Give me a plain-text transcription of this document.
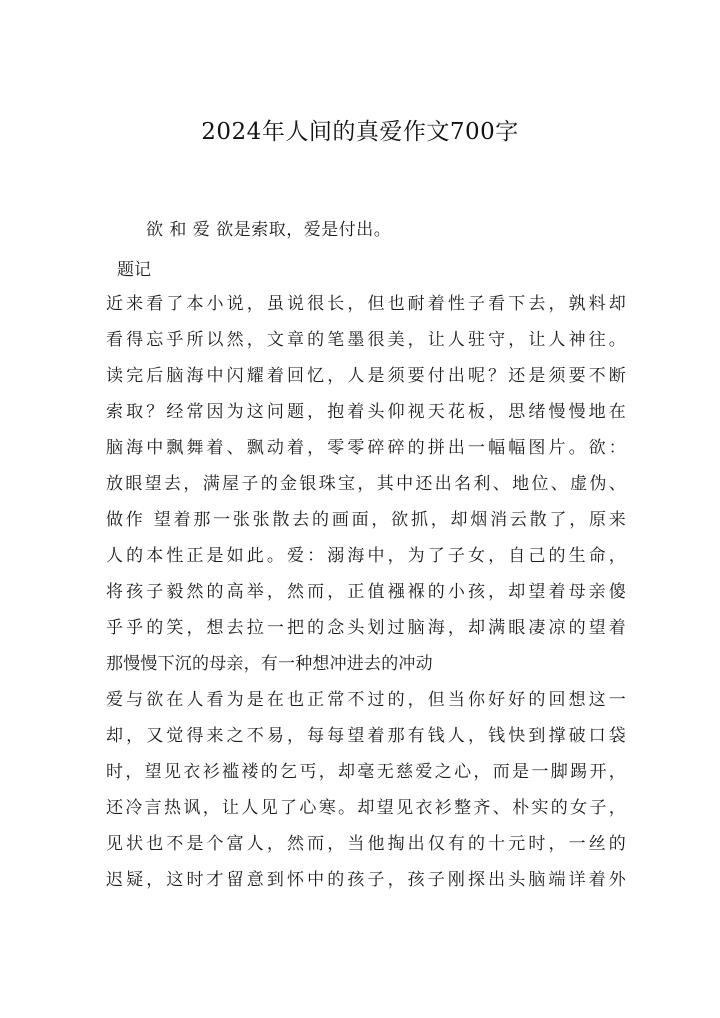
2024年人间的真爱作文700字
欲 和 爱 欲是索取，爱是付出。
题记
近来看了本小说，虽说很长，但也耐着性子看下去，孰料却
看得忘乎所以然，文章的笔墨很美，让人驻守，让人神往。
读完后脑海中闪耀着回忆，人是须要付出呢？还是须要不断
索取？经常因为这问题，抱着头仰视天花板，思绪慢慢地在
脑海中飘舞着、飘动着，零零碎碎的拼出一幅幅图片。欲：
放眼望去，满屋子的金银珠宝，其中还出名利、地位、虚伪、
做作 望着那一张张散去的画面，欲抓，却烟消云散了，原来
人的本性正是如此。爱：溺海中，为了子女，自己的生命，
将孩子毅然的高举，然而，正值襁褓的小孩，却望着母亲傻
乎乎的笑，想去拉一把的念头划过脑海，却满眼凄凉的望着
那慢慢下沉的母亲，有一种想冲进去的冲动
爱与欲在人看为是在也正常不过的，但当你好好的回想这一
却，又觉得来之不易，每每望着那有钱人，钱快到撑破口袋
时，望见衣衫褴褛的乞丐，却毫无慈爱之心，而是一脚踢开，
还冷言热讽，让人见了心寒。却望见衣衫整齐、朴实的女子，
见状也不是个富人，然而，当他掏出仅有的十元时，一丝的
迟疑，这时才留意到怀中的孩子，孩子刚探出头脑端详着外
